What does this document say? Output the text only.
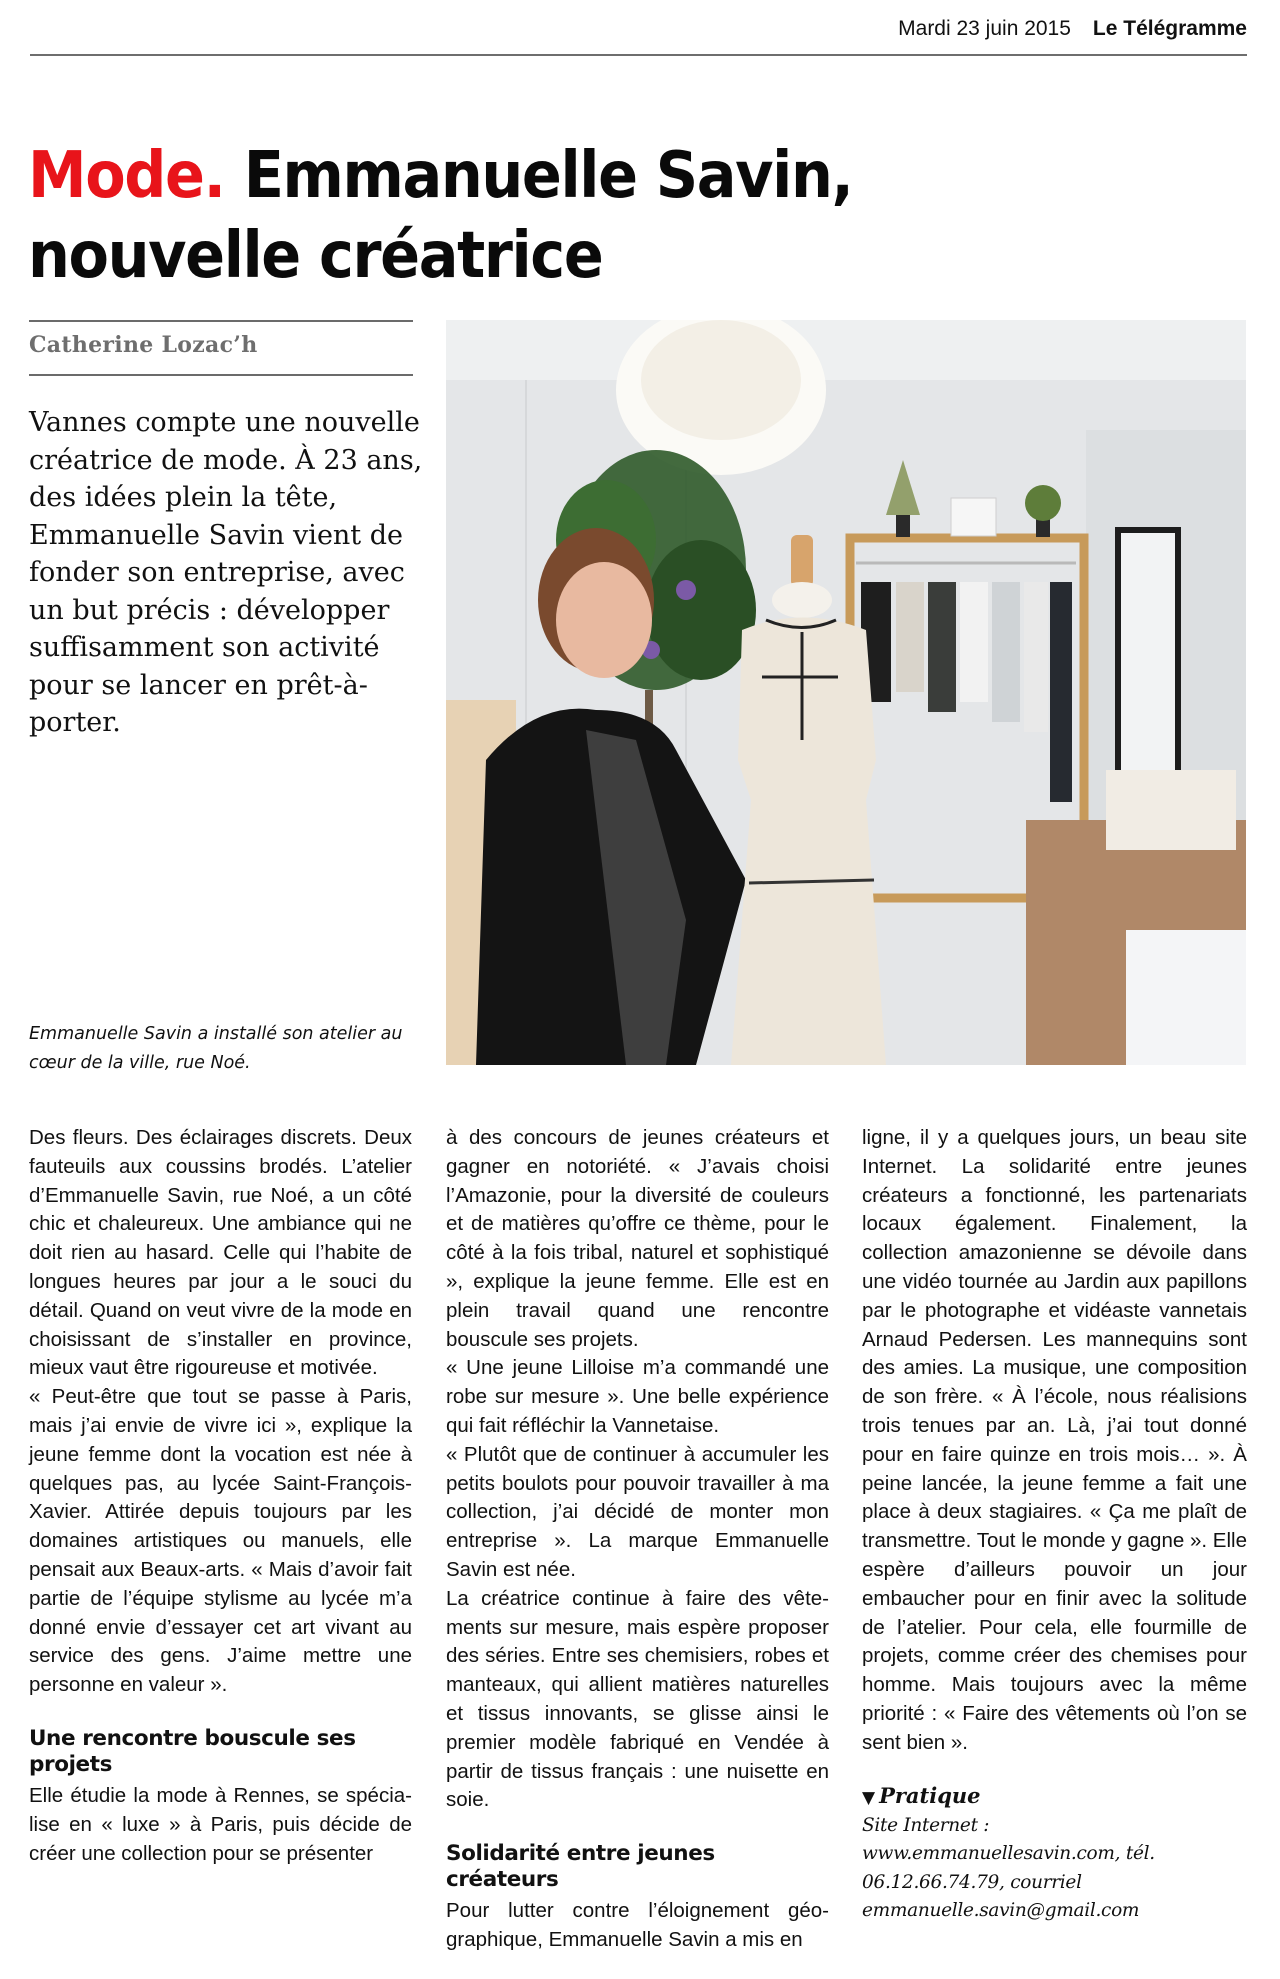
Mardi 23 juin 2015 Le Télégramme
Mode. Emmanuelle Savin, nouvelle créatrice
Catherine Lozac’h

Vannes compte une nouvelle créatrice de mode. À 23 ans, des idées plein la tête, Emmanuelle Savin vient de fonder son entreprise, avec un but précis : développer suffisamment son activité pour se lancer en prêt-à-porter.

Emmanuelle Savin a installé son atelier au cœur de la ville, rue Noé.

Des fleurs. Des éclairages discrets. Deux fauteuils aux coussins brodés. L’atelier d’Emmanuelle Savin, rue Noé, a un côté chic et chaleureux. Une ambiance qui ne doit rien au hasard. Celle qui l’habite de longues heures par jour a le souci du détail. Quand on veut vivre de la mode en choisissant de s’installer en province, mieux vaut être rigoureuse et motivée.

« Peut-être que tout se passe à Paris, mais j’ai envie de vivre ici », explique la jeune femme dont la vocation est née à quelques pas, au lycée Saint-François-Xavier. Attirée depuis toujours par les domaines artistiques ou manuels, elle pensait aux Beaux-arts. « Mais d’avoir fait partie de l’équipe stylisme au lycée m’a donné envie d’essayer cet art vivant au service des gens. J’aime mettre une personne en valeur ».

Une rencontre bouscule ses projets

Elle étudie la mode à Rennes, se spécialise en « luxe » à Paris, puis décide de créer une collection pour se présenter

à des concours de jeunes créateurs et gagner en notoriété. « J’avais choisi l’Amazonie, pour la diversité de couleurs et de matières qu’offre ce thème, pour le côté à la fois tribal, naturel et sophistiqué », explique la jeune femme. Elle est en plein travail quand une rencontre bouscule ses projets.

« Une jeune Lilloise m’a commandé une robe sur mesure ». Une belle expérience qui fait réfléchir la Vannetaise.

« Plutôt que de continuer à accumuler les petits boulots pour pouvoir travailler à ma collection, j’ai décidé de monter mon entreprise ». La marque Emmanuelle Savin est née.

La créatrice continue à faire des vêtements sur mesure, mais espère proposer des séries. Entre ses chemisiers, robes et manteaux, qui allient matières naturelles et tissus innovants, se glisse ainsi le premier modèle fabriqué en Vendée à partir de tissus français : une nuisette en soie.

Solidarité entre jeunes créateurs

Pour lutter contre l’éloignement géographique, Emmanuelle Savin a mis en

ligne, il y a quelques jours, un beau site Internet. La solidarité entre jeunes créateurs a fonctionné, les partenariats locaux également. Finalement, la collection amazonienne se dévoile dans une vidéo tournée au Jardin aux papillons par le photographe et vidéaste vannetais Arnaud Pedersen. Les mannequins sont des amies. La musique, une composition de son frère. « À l’école, nous réalisions trois tenues par an. Là, j’ai tout donné pour en faire quinze en trois mois… ». À peine lancée, la jeune femme a fait une place à deux stagiaires. « Ça me plaît de transmettre. Tout le monde y gagne ». Elle espère d’ailleurs pouvoir un jour embaucher pour en finir avec la solitude de l’atelier. Pour cela, elle fourmille de projets, comme créer des chemises pour homme. Mais toujours avec la même priorité : « Faire des vêtements où l’on se sent bien ».

▼ Pratique

Site Internet : www.emmanuellesavin.com, tél. 06.12.66.74.79, courriel emmanuelle.savin@gmail.com
